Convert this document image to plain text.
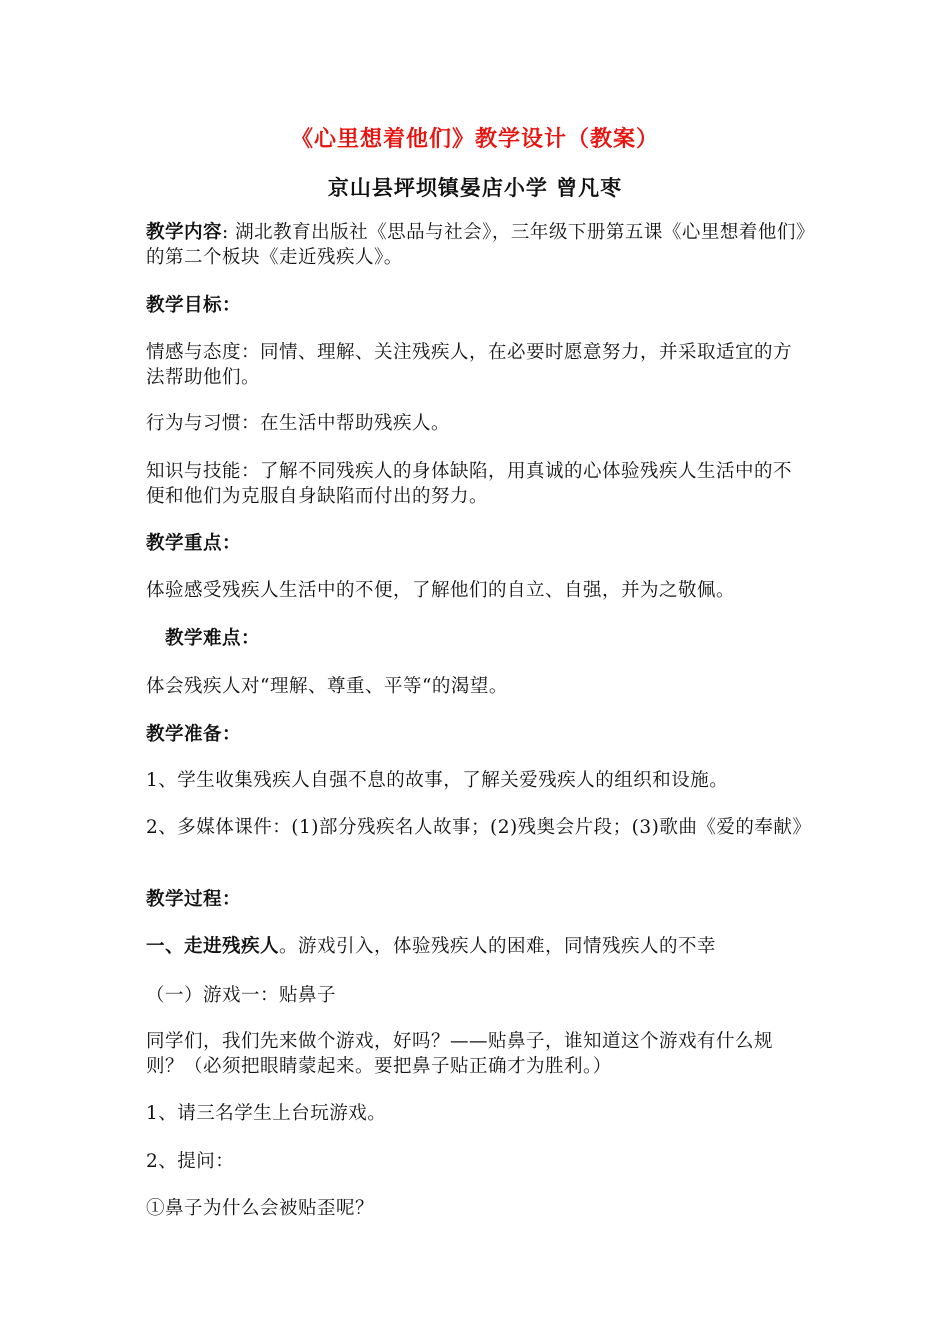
《心里想着他们》教学设计（教案）
京山县坪坝镇晏店小学 曾凡枣

教学内容: 湖北教育出版社《思品与社会》，三年级下册第五课《心里想着他们》的第二个板块《走近残疾人》。

教学目标：

情感与态度：同情、理解、关注残疾人，在必要时愿意努力，并采取适宜的方法帮助他们。

行为与习惯：在生活中帮助残疾人。

知识与技能：了解不同残疾人的身体缺陷，用真诚的心体验残疾人生活中的不便和他们为克服自身缺陷而付出的努力。

教学重点：

体验感受残疾人生活中的不便，了解他们的自立、自强，并为之敬佩。

教学难点：

体会残疾人对“理解、尊重、平等“的渴望。

教学准备：

1、学生收集残疾人自强不息的故事，了解关爱残疾人的组织和设施。

2、多媒体课件：(1)部分残疾名人故事；(2)残奥会片段；(3)歌曲《爱的奉献》

教学过程：

一、走进残疾人。游戏引入，体验残疾人的困难，同情残疾人的不幸

（一）游戏一：贴鼻子

同学们，我们先来做个游戏，好吗？——贴鼻子，谁知道这个游戏有什么规则？（必须把眼睛蒙起来。要把鼻子贴正确才为胜利。）

1、请三名学生上台玩游戏。

2、提问：

①鼻子为什么会被贴歪呢？
